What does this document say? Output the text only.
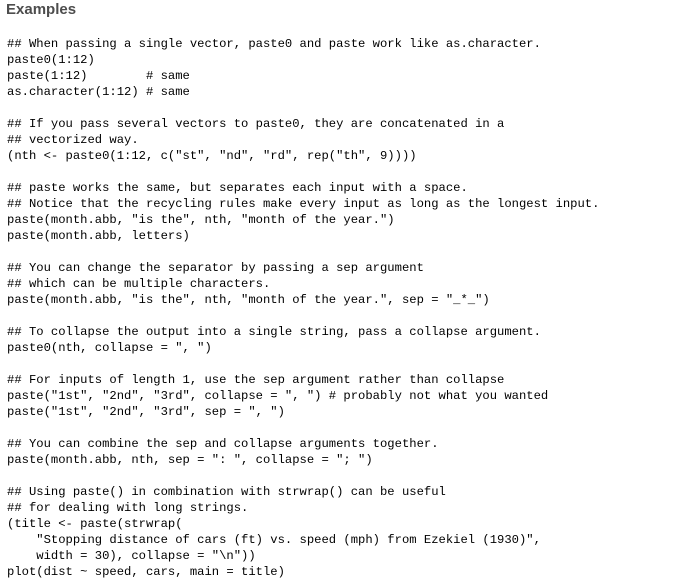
Examples
## When passing a single vector, paste0 and paste work like as.character.
paste0(1:12)
paste(1:12)        # same
as.character(1:12) # same
## If you pass several vectors to paste0, they are concatenated in a
## vectorized way.
(nth <- paste0(1:12, c("st", "nd", "rd", rep("th", 9))))
## paste works the same, but separates each input with a space.
## Notice that the recycling rules make every input as long as the longest input.
paste(month.abb, "is the", nth, "month of the year.")
paste(month.abb, letters)
## You can change the separator by passing a sep argument
## which can be multiple characters.
paste(month.abb, "is the", nth, "month of the year.", sep = "_*_")
## To collapse the output into a single string, pass a collapse argument.
paste0(nth, collapse = ", ")
## For inputs of length 1, use the sep argument rather than collapse
paste("1st", "2nd", "3rd", collapse = ", ") # probably not what you wanted
paste("1st", "2nd", "3rd", sep = ", ")
## You can combine the sep and collapse arguments together.
paste(month.abb, nth, sep = ": ", collapse = "; ")
## Using paste() in combination with strwrap() can be useful
## for dealing with long strings.
(title <- paste(strwrap(
"Stopping distance of cars (ft) vs. speed (mph) from Ezekiel (1930)",
width = 30), collapse = "\n"))
plot(dist ~ speed, cars, main = title)
